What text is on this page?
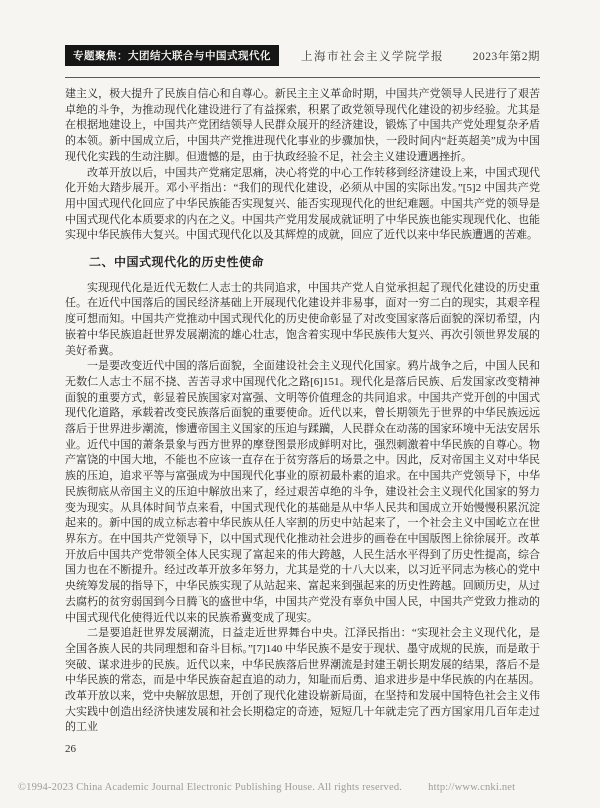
专题聚焦：大团结大联合与中国式现代化	上海市社会主义学院学报	2023年第2期

建主义，极大提升了民族自信心和自尊心。新民主主义革命时期，中国共产党领导人民进行了艰苦卓绝的斗争，为推动现代化建设进行了有益探索，积累了政党领导现代化建设的初步经验。尤其是在根据地建设上，中国共产党团结领导人民群众展开的经济建设，锻炼了中国共产党处理复杂矛盾的本领。新中国成立后，中国共产党推进现代化事业的步骤加快，一段时间内“赶英超美”成为中国现代化实践的生动注脚。但遗憾的是，由于执政经验不足，社会主义建设遭遇挫折。

改革开放以后，中国共产党痛定思痛，决心将党的中心工作转移到经济建设上来，中国式现代化开始大踏步展开。邓小平指出：“我们的现代化建设，必须从中国的实际出发。”[5]2 中国共产党用中国式现代化回应了中华民族能否实现复兴、能否实现现代化的世纪难题。中国共产党的领导是中国式现代化本质要求的内在之义。中国共产党用发展成就证明了中华民族也能实现现代化、也能实现中华民族伟大复兴。中国式现代化以及其辉煌的成就，回应了近代以来中华民族遭遇的苦难。

二、中国式现代化的历史性使命

实现现代化是近代无数仁人志士的共同追求，中国共产党人自觉承担起了现代化建设的历史重任。在近代中国落后的国民经济基础上开展现代化建设并非易事，面对一穷二白的现实，其艰辛程度可想而知。中国共产党推动中国式现代化的历史使命彰显了对改变国家落后面貌的深切希望，内嵌着中华民族追赶世界发展潮流的雄心壮志，饱含着实现中华民族伟大复兴、再次引领世界发展的美好希冀。

一是要改变近代中国的落后面貌，全面建设社会主义现代化国家。鸦片战争之后，中国人民和无数仁人志士不屈不挠、苦苦寻求中国现代化之路[6]151。现代化是落后民族、后发国家改变精神面貌的重要方式，彰显着民族国家对富强、文明等价值理念的共同追求。中国共产党开创的中国式现代化道路，承载着改变民族落后面貌的重要使命。近代以来，曾长期领先于世界的中华民族远远落后于世界进步潮流，惨遭帝国主义国家的压迫与蹂躏，人民群众在动荡的国家环境中无法安居乐业。近代中国的萧条景象与西方世界的摩登图景形成鲜明对比，强烈刺激着中华民族的自尊心。物产富饶的中国大地，不能也不应该一直存在于贫穷落后的场景之中。因此，反对帝国主义对中华民族的压迫，追求平等与富强成为中国现代化事业的原初最朴素的追求。在中国共产党领导下，中华民族彻底从帝国主义的压迫中解放出来了，经过艰苦卓绝的斗争，建设社会主义现代化国家的努力变为现实。从具体时间节点来看，中国式现代化的基础是从中华人民共和国成立开始慢慢积累沉淀起来的。新中国的成立标志着中华民族从任人宰割的历史中站起来了，一个社会主义中国屹立在世界东方。在中国共产党领导下，以中国式现代化推动社会进步的画卷在中国版图上徐徐展开。改革开放后中国共产党带领全体人民实现了富起来的伟大跨越，人民生活水平得到了历史性提高，综合国力也在不断提升。经过改革开放多年努力，尤其是党的十八大以来，以习近平同志为核心的党中央统筹发展的指导下，中华民族实现了从站起来、富起来到强起来的历史性跨越。回顾历史，从过去腐朽的贫穷弱国到今日腾飞的盛世中华，中国共产党没有辜负中国人民，中国共产党致力推动的中国式现代化使得近代以来的民族希冀变成了现实。

二是要追赶世界发展潮流，日益走近世界舞台中央。江泽民指出：“实现社会主义现代化，是全国各族人民的共同理想和奋斗目标。”[7]140 中华民族不是安于现状、墨守成规的民族，而是敢于突破、谋求进步的民族。近代以来，中华民族落后世界潮流是封建王朝长期发展的结果，落后不是中华民族的常态，而是中华民族奋起直追的动力，知耻而后勇、追求进步是中华民族的内在基因。改革开放以来，党中央解放思想，开创了现代化建设崭新局面，在坚持和发展中国特色社会主义伟大实践中创造出经济快速发展和社会长期稳定的奇迹，短短几十年就走完了西方国家用几百年走过的工业

26
©1994-2023 China Academic Journal Electronic Publishing House. All rights reserved. http://www.cnki.net
